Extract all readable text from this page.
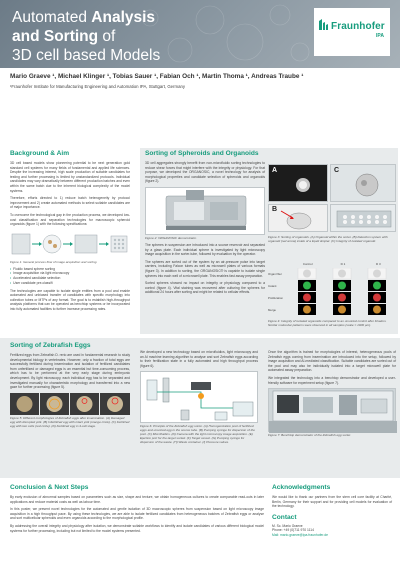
Automated Analysis
and Sorting of
3D cell based Models
Fraunhofer
IPA
Mario Graeve ¹, Michael Klinger ¹, Tobias Sauer ¹, Fabian Och ¹, Martin Thoma ¹, Andreas Traube ¹
¹Fraunhofer Institute for Manufacturing Engineering and Automation IPA, Stuttgart, Germany
Background & Aim
3D cell based models show pioneering potential to be next generation gold standard cell systems for many fields of fundamental and applied life sciences. Despite the increasing interest, high scale production of suitable candidates for testing and further processing is limited by unstandardized protocols. Individual candidates may vary dramatically between different production batches and even within the same batch due to the inherent biological complexity of the model systems.
Therefore, efforts directed to 1) reduce batch heterogeneity by protocol improvement and 2) create automated methods to select suitable candidates are of major importance.
To overcome the technological gap in the production process, we developed low-cost classification and separation technologies for macroscopic spheroid organoids (figure 1) with the following specifications:
Figure 1: General process flow of image acquisition and sorting.
• Fluidic based sphere sorting
• Image acquisition via light microscopy
• Accelerated candidate selection
• User candidate pre-classifi
The technologies are capable to isolate single entities from a pool and enable automated and unbiased transfer of candidates with specific morphology into collection tubes or MTPs of any format. The goal is to establish high-throughput analysis platforms that can be operated as benchtop systems or be incorporated into fully automated facilities to further increase processing rates.
Sorting of Spheroids and Organoids
3D cell aggregates strongly benefit from non-microfluidic sorting technologies to reduce shear forces that might interfere with the integrity or physiology. For that purpose, we developed the ORGANOSIC, a novel technology for analysis of morphological properties and candidate selection of spheroids and organoids (figure 2).
Figure 2: ORGANOSIC demonstrator.
The spheres in suspension are introduced into a source reservoir and separated by a glass plate. Each individual sphere is investigated by light microscopy image acquisition in the sorter-tube, followed by evaluation by the operator.
The spheres are sorted out of the system by an air-pressure pulse into target carriers, including Falcon tubes as well as microwell plates of various formats (figure 3). In addition to sorting, the ORGANOSIC® is capable to isolate single spheres into each well of a microwell plate. This enables fast assay preparation.
Sorted spheres showed no impact on integrity or physiology compared to a control (figure 4). Vital staining was recovered after culturing the spheres for additional 24 hours after sorting and might be related to cellular effects.
A	C
B
Figure 3: Sorting of organoids. (A) Organoid within the sorter. (B) Detection system with organoid (red arrow) inside of a liquid droplet. (C) Integrity of isolated organoid.
Control	D 1	D 3
Organ filter
Instant
Proliferation
Merge
Figure 4: Integrity of isolated organoids compared to an unsorted control after Fixation. Similar molecular patterns were observed in all samples (scale = 1000 µm).
Sorting of Zebrafish Eggs
Fertilized eggs from Zebrafish D. rerio are used in fundamental research to study developmental biology in vertebrates. However, only a fraction of total eggs are successfully fertilized during insemination and isolation of fertilized candidates from unfertilized or damaged eggs is an essential but time-consuming process, which has to be performed at the very early stage during embryonic development. By light microscopy, each individual egg has to be separated and investigated manually for characteristic morphology and transferred into a new gaze for further processing (figure 5).
Figure 5: Different morphologies of Zebrafish eggs after insemination. (A) Damaged egg with disrupted yolk. (B) Infertilized egg with intact yolk (orange circle). (C) Fertilized egg with two cells (red circle). (D) Fertilized egg in 4-cell stage.
We developed a new technology based on microfluidics, light microscopy and an AI machine learning algorithm to analyse and sort Zebrafish eggs according to their fertilization state in a fully automated and high throughput process (figure 6).
Figure 6: Principle of the Zebrafish egg sorter. (A) Homogenization pool of fertilized eggs and unsorted egg in the source tube. (B) Pumping syringe for dispersion of the pool. (C) Microfluidics. (D) Camera with the light microscopy image acquisition. (E) Ejection port for the target sorted. (F) Target vessel. (G) Pumping syringe for dispersion of the waste. (H) Waste container. (I) Pressure valves.
Once the algorithm is trained for morphologies of interest, heterogeneous pools of Zebrafish eggs coming from insemination are introduced into the setup, followed by image acquisition and AI-mediated classification. Suitable candidates are sorted out of the pool and may also be individually isolated into a target microwell plate for automated assay preparation.
We integrated the technology into a benchtop demonstrator and developed a user-friendly software for experiment setup (figure 7).
Figure 7: Benchtop demonstrator of the Zebrafish egg sorter.
Conclusion & Next Steps
By early exclusion of abnormal samples based on parameters such as size, shape and texture, we obtain homogeneous cultures to create comparable read-outs in later applications and reduce material costs as well as labour time.
In this poster, we present novel technologies for the automated and gentle isolation of 3D macroscopic spheres from suspension based on light microscopy image acquisition in a high throughput pace. By using these technologies, we are able to isolate fertilized candidates from heterogeneous batches of Zebrafish eggs or analyse and sort multicellular spheroids and even organoids according to the morphological profile.
By addressing the overall integrity and physiology after isolation, we demonstrate suitable workflows to identify and isolate candidates of various different biological model systems for further processing, including but not limited to the model systems presented.
Acknowledgments
We would like to thank our partners from the stem cell core facility at Charité, Berlin, Germany for their support and for providing cell models for evaluation of the technology.
Contact
M. Sc. Mario Graeve
Phone: +49 (0)711 970 1114
Mail: mario.graeve@ipa.fraunhofer.de
